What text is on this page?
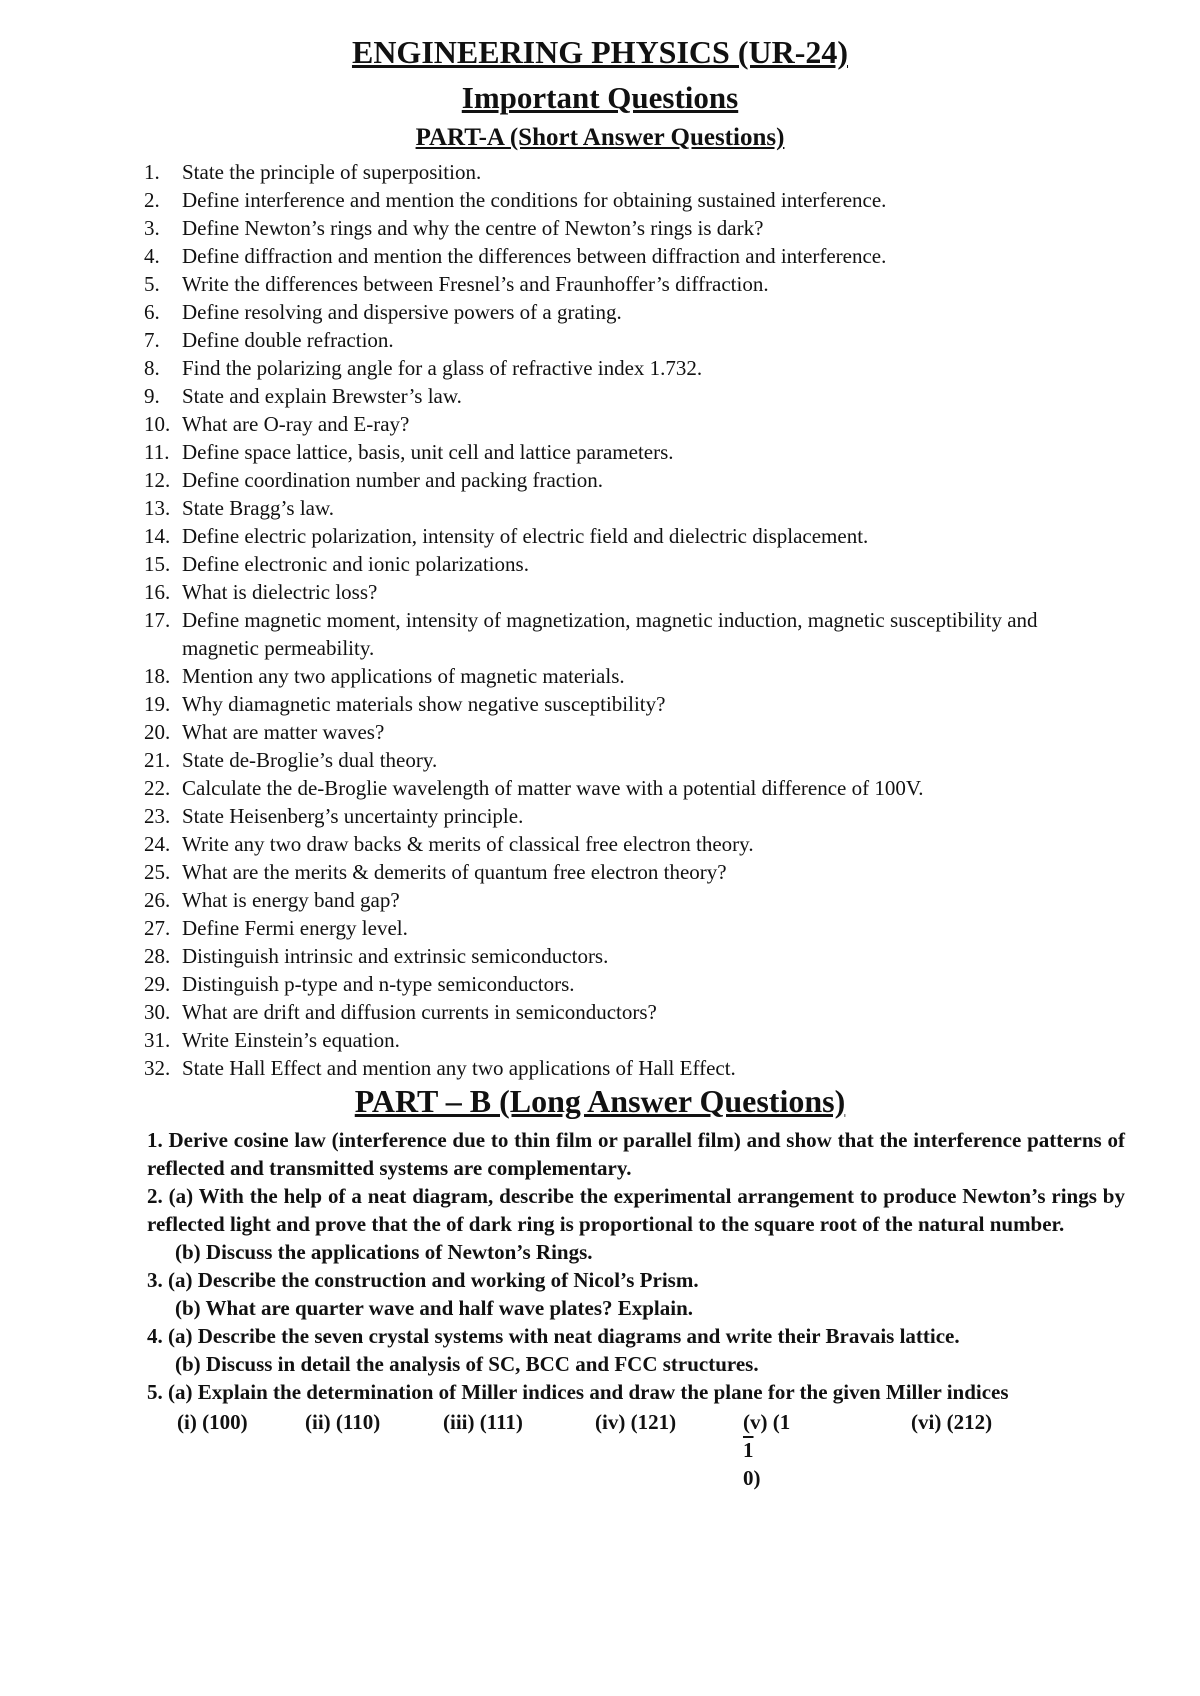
ENGINEERING PHYSICS (UR-24)
Important Questions
PART-A (Short Answer Questions)
1.	State the principle of superposition.
2.	Define interference and mention the conditions for obtaining sustained interference.
3.	Define Newton’s rings and why the centre of Newton’s rings is dark?
4.	Define diffraction and mention the differences between diffraction and interference.
5.	Write the differences between Fresnel’s and Fraunhoffer’s diffraction.
6.	Define resolving and dispersive powers of a grating.
7.	Define double refraction.
8.	Find the polarizing angle for a glass of refractive index 1.732.
9.	State and explain Brewster’s law.
10. What are O-ray and E-ray?
11. Define space lattice, basis, unit cell and lattice parameters.
12. Define coordination number and packing fraction.
13. State Bragg’s law.
14. Define electric polarization, intensity of electric field and dielectric displacement.
15. Define electronic and ionic polarizations.
16. What is dielectric loss?
17. Define magnetic moment, intensity of magnetization, magnetic induction, magnetic susceptibility and magnetic permeability.
18. Mention any two applications of magnetic materials.
19. Why diamagnetic materials show negative susceptibility?
20. What are matter waves?
21. State de-Broglie’s dual theory.
22. Calculate the de-Broglie wavelength of matter wave with a potential difference of 100V.
23. State Heisenberg’s uncertainty principle.
24. Write any two draw backs & merits of classical free electron theory.
25. What are the merits & demerits of quantum free electron theory?
26. What is energy band gap?
27. Define Fermi energy level.
28. Distinguish intrinsic and extrinsic semiconductors.
29. Distinguish p-type and n-type semiconductors.
30. What are drift and diffusion currents in semiconductors?
31. Write Einstein’s equation.
32. State Hall Effect and mention any two applications of Hall Effect.
PART – B (Long Answer Questions)

1. Derive cosine law (interference due to thin film or parallel film) and show that the interference patterns of reflected and transmitted systems are complementary.

2. (a) With the help of a neat diagram, describe the experimental arrangement to produce Newton’s rings by reflected light and prove that the of dark ring is proportional to the square root of the natural number.

(b) Discuss the applications of Newton’s Rings.

3. (a) Describe the construction and working of Nicol’s Prism.

(b) What are quarter wave and half wave plates? Explain.

4. (a) Describe the seven crystal systems with neat diagrams and write their Bravais lattice.

(b) Discuss in detail the analysis of SC, BCC and FCC structures.

5. (a) Explain the determination of Miller indices and draw the plane for the given Miller indices

(i) (100)	(ii) (110)	(iii) (111)	(iv) (121)	(v) (110)
(vi) (212)
